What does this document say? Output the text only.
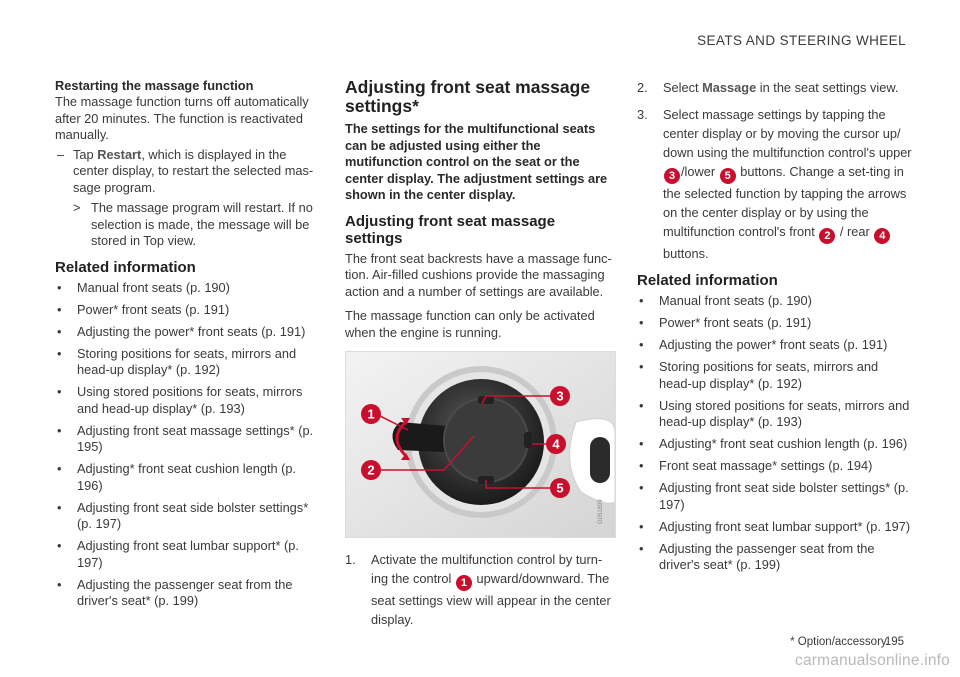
SEATS AND STEERING WHEEL
Restarting the massage function

The massage function turns off automatically after 20 minutes. The function is reactivated manually.

– Tap Restart, which is displayed in the center display, to restart the selected mas-sage program.
> The massage program will restart. If no selection is made, the message will be stored in Top view.
Related information
• Manual front seats (p. 190)
• Power* front seats (p. 191)
• Adjusting the power* front seats (p. 191)
• Storing positions for seats, mirrors and head-up display* (p. 192)
• Using stored positions for seats, mirrors and head-up display* (p. 193)
• Adjusting front seat massage settings* (p. 195)
• Adjusting* front seat cushion length (p. 196)
• Adjusting front seat side bolster settings* (p. 197)
• Adjusting front seat lumbar support* (p. 197)
• Adjusting the passenger seat from the driver's seat* (p. 199)
Adjusting front seat massage settings*

The settings for the multifunctional seats can be adjusted using either the mutifunction control on the seat or the center display. The adjustment settings are shown in the center display.

Adjusting front seat massage settings

The front seat backrests have a massage func-tion. Air-filled cushions provide the massaging action and a number of settings are available.

The massage function can only be activated when the engine is running.

1
2
3
4
5
G051899
1. Activate the multifunction control by turn-ing the control 1 upward/downward. The seat settings view will appear in the center display.
2. Select Massage in the seat settings view.
3. Select massage settings by tapping the center display or by moving the cursor up/ down using the multifunction control's upper 3 /lower 5 buttons. Change a set-ting in the selected function by tapping the arrows on the center display or by using the multifunction control's front 2 / rear 4 buttons.
Related information
• Manual front seats (p. 190)
• Power* front seats (p. 191)
• Adjusting the power* front seats (p. 191)
• Storing positions for seats, mirrors and head-up display* (p. 192)
• Using stored positions for seats, mirrors and head-up display* (p. 193)
• Adjusting* front seat cushion length (p. 196)
• Front seat massage* settings (p. 194)
• Adjusting front seat side bolster settings* (p. 197)
• Adjusting front seat lumbar support* (p. 197)
• Adjusting the passenger seat from the driver's seat* (p. 199)
* Option/accessory.
195
carmanualsonline.info
